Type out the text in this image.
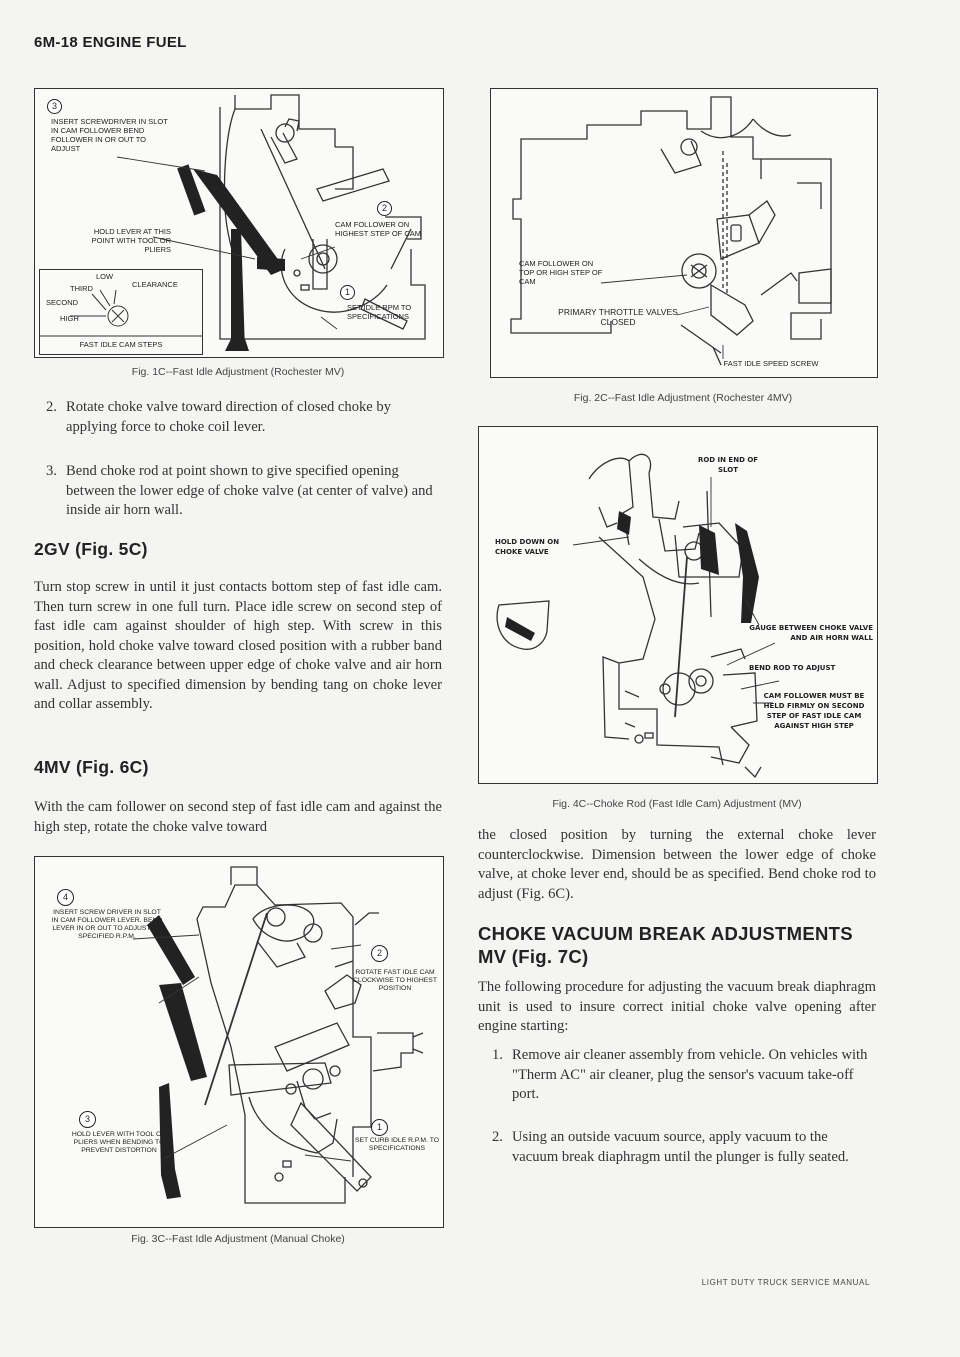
6M-18 ENGINE FUEL
3
INSERT SCREWDRIVER IN SLOT IN CAM FOLLOWER BEND FOLLOWER IN OR OUT TO ADJUST
2
HOLD LEVER AT THIS POINT WITH TOOL OR PLIERS
CAM FOLLOWER ON HIGHEST STEP OF CAM
1
SET IDLE RPM TO SPECIFICATIONS
LOW
CLEARANCE
THIRD
SECOND
HIGH
FAST IDLE CAM STEPS
Fig. 1C--Fast Idle Adjustment (Rochester MV)
CAM FOLLOWER ON TOP OR HIGH STEP OF CAM
PRIMARY THROTTLE VALVES CLOSED
FAST IDLE SPEED SCREW
Fig. 2C--Fast Idle Adjustment (Rochester 4MV)
2. Rotate choke valve toward direction of closed choke by applying force to choke coil lever.
3. Bend choke rod at point shown to give specified opening between the lower edge of choke valve (at center of valve) and inside air horn wall.
2GV (Fig. 5C)
Turn stop screw in until it just contacts bottom step of fast idle cam. Then turn screw in one full turn. Place idle screw on second step of fast idle cam against shoulder of high step. With screw in this position, hold choke valve toward closed position with a rubber band and check clearance between upper edge of choke valve and air horn wall. Adjust to specified dimension by bending tang on choke lever and collar assembly.
4MV (Fig. 6C)
With the cam follower on second step of fast idle cam and against the high step, rotate the choke valve toward
ROD IN END OF SLOT
HOLD DOWN ON CHOKE VALVE
GAUGE BETWEEN CHOKE VALVE AND AIR HORN WALL
BEND ROD TO ADJUST
CAM FOLLOWER MUST BE HELD FIRMLY ON SECOND STEP OF FAST IDLE CAM AGAINST HIGH STEP
Fig. 4C--Choke Rod (Fast Idle Cam) Adjustment (MV)
4
INSERT SCREW DRIVER IN SLOT IN CAM FOLLOWER LEVER. BEND LEVER IN OR OUT TO ADJUST TO SPECIFIED R.P.M.
2
ROTATE FAST IDLE CAM CLOCKWISE TO HIGHEST POSITION
3
HOLD LEVER WITH TOOL OR PLIERS WHEN BENDING TO PREVENT DISTORTION
1
SET CURB IDLE R.P.M. TO SPECIFICATIONS
Fig. 3C--Fast Idle Adjustment (Manual Choke)
the closed position by turning the external choke lever counterclockwise. Dimension between the lower edge of choke valve, at choke lever end, should be as specified. Bend choke rod to adjust (Fig. 6C).
CHOKE VACUUM BREAK ADJUSTMENTS
MV (Fig. 7C)
The following procedure for adjusting the vacuum break diaphragm unit is used to insure correct initial choke valve opening after engine starting:
1. Remove air cleaner assembly from vehicle. On vehicles with "Therm AC" air cleaner, plug the sensor's vacuum take-off port.
2. Using an outside vacuum source, apply vacuum to the vacuum break diaphragm until the plunger is fully seated.
LIGHT DUTY TRUCK SERVICE MANUAL
